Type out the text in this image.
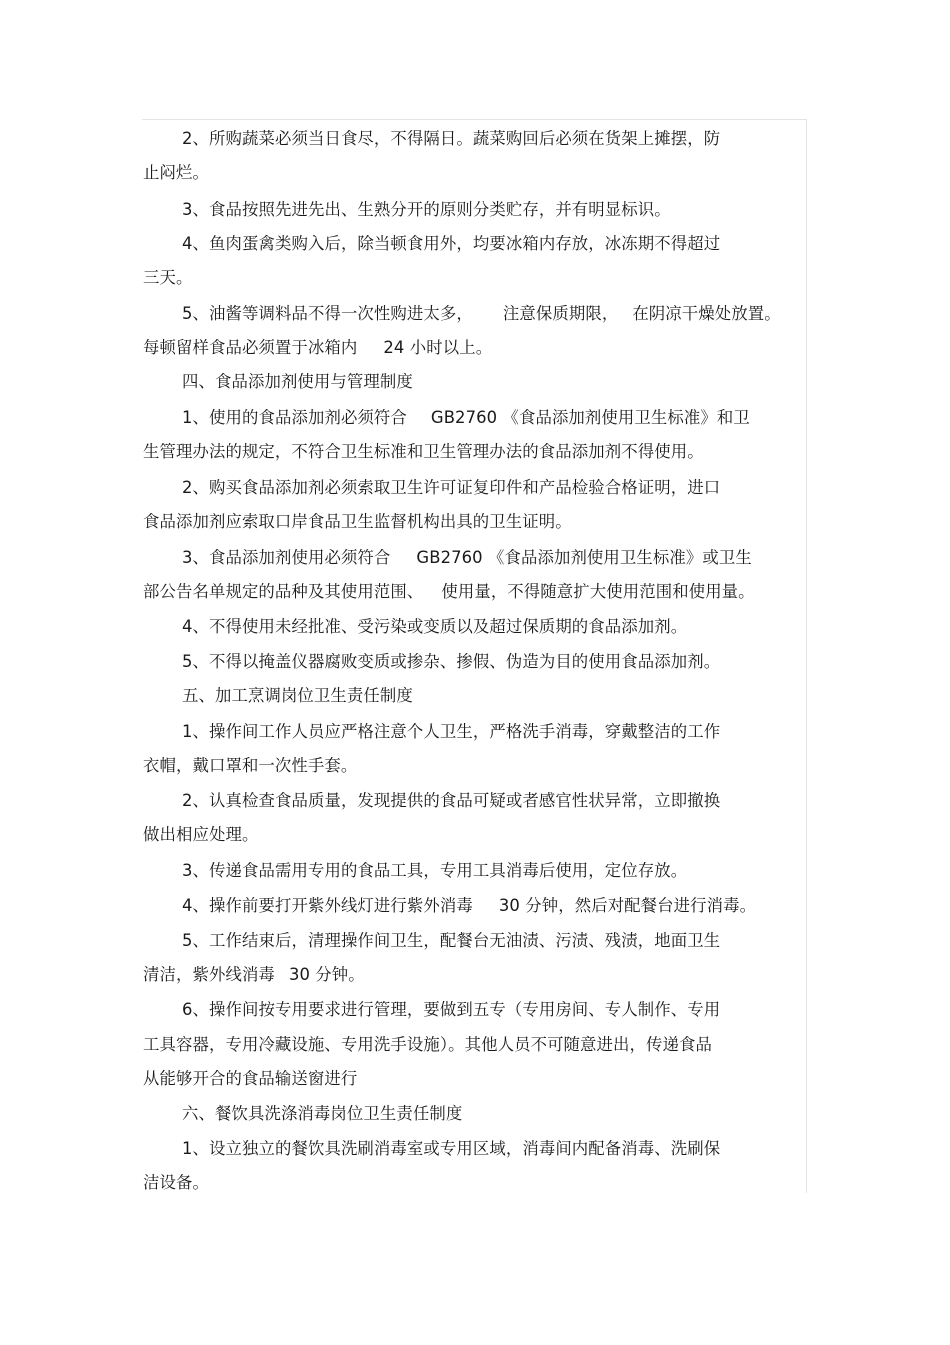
2、所购蔬菜必须当日食尽，不得隔日。蔬菜购回后必须在货架上摊摆，防
止闷烂。
3、食品按照先进先出、生熟分开的原则分类贮存，并有明显标识。
4、鱼肉蛋禽类购入后，除当顿食用外，均要冰箱内存放，冰冻期不得超过
三天。
5、油酱等调料品不得一次性购进太多， 注意保质期限， 在阴凉干燥处放置。
每顿留样食品必须置于冰箱内 24 小时以上。
四、食品添加剂使用与管理制度
1、使用的食品添加剂必须符合 GB2760 《食品添加剂使用卫生标准》和卫
生管理办法的规定，不符合卫生标准和卫生管理办法的食品添加剂不得使用。
2、购买食品添加剂必须索取卫生许可证复印件和产品检验合格证明，进口
食品添加剂应索取口岸食品卫生监督机构出具的卫生证明。
3、食品添加剂使用必须符合 GB2760 《食品添加剂使用卫生标准》或卫生
部公告名单规定的品种及其使用范围、 使用量，不得随意扩大使用范围和使用量。
4、不得使用未经批准、受污染或变质以及超过保质期的食品添加剂。
5、不得以掩盖仪器腐败变质或掺杂、掺假、伪造为目的使用食品添加剂。
五、加工烹调岗位卫生责任制度
1、操作间工作人员应严格注意个人卫生，严格洗手消毒，穿戴整洁的工作
衣帽，戴口罩和一次性手套。
2、认真检查食品质量，发现提供的食品可疑或者感官性状异常，立即撤换
做出相应处理。
3、传递食品需用专用的食品工具，专用工具消毒后使用，定位存放。
4、操作前要打开紫外线灯进行紫外消毒 30 分钟，然后对配餐台进行消毒。
5、工作结束后，清理操作间卫生，配餐台无油渍、污渍、残渍，地面卫生
清洁，紫外线消毒 30 分钟。
6、操作间按专用要求进行管理，要做到五专（专用房间、专人制作、专用
工具容器，专用冷藏设施、专用洗手设施）。其他人员不可随意进出，传递食品
从能够开合的食品输送窗进行
六、餐饮具洗涤消毒岗位卫生责任制度
1、设立独立的餐饮具洗刷消毒室或专用区域，消毒间内配备消毒、洗刷保
洁设备。
